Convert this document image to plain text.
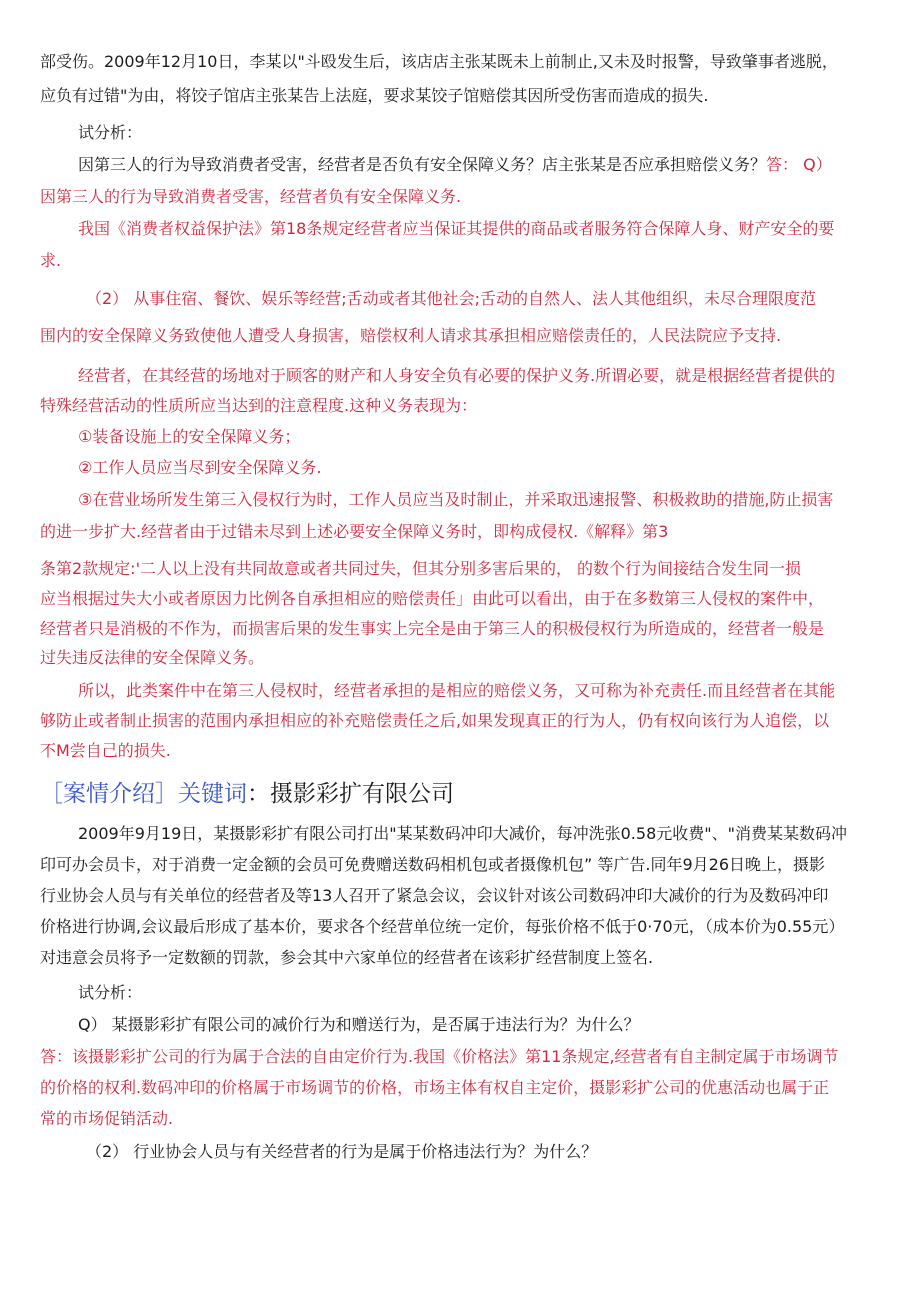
部受伤。2009年12月10日，李某以"斗殴发生后，该店店主张某既未上前制止,又未及时报警，导致肇事者逃脱，
应负有过错"为由，将饺子馆店主张某告上法庭，要求某饺子馆赔偿其因所受伤害而造成的损失.
试分析：
因第三人的行为导致消费者受害，经营者是否负有安全保障义务？店主张某是否应承担赔偿义务？答： Q）
因第三人的行为导致消费者受害，经营者负有安全保障义务.
我国《消费者权益保护法》第18条规定经营者应当保证其提供的商品或者服务符合保障人身、财产安全的要
求.
（2） 从事住宿、餐饮、娱乐等经营;舌动或者其他社会;舌动的自然人、法人其他组织，未尽合理限度范
围内的安全保障义务致使他人遭受人身损害，赔偿权利人请求其承担相应赔偿责任的，人民法院应予支持.
经营者，在其经营的场地对于顾客的财产和人身安全负有必要的保护义务.所谓必要，就是根据经营者提供的
特殊经营活动的性质所应当达到的注意程度.这种义务表现为：
①装备设施上的安全保障义务；
②工作人员应当尽到安全保障义务.
③在营业场所发生第三入侵权行为时，工作人员应当及时制止，并采取迅速报警、积极救助的措施,防止损害
的进一步扩大.经营者由于过错未尽到上述必要安全保障义务时，即构成侵权.《解释》第3
条第2款规定:'二人以上没有共同故意或者共同过失，但其分别多害后果的， 的数个行为间接结合发生同一损
应当根据过失大小或者原因力比例各自承担相应的赔偿责任」由此可以看出，由于在多数第三人侵权的案件中，
经营者只是消极的不作为，而损害后果的发生事实上完全是由于第三人的积极侵权行为所造成的，经营者一般是
过失违反法律的安全保障义务。
所以，此类案件中在第三人侵权时，经营者承担的是相应的赔偿义务，又可称为补充责任.而且经营者在其能
够防止或者制止损害的范围内承担相应的补充赔偿责任之后,如果发现真正的行为人，仍有权向该行为人追偿，以
不M尝自己的损失.
［案情介绍］关键词：摄影彩扩有限公司
2009年9月19日，某摄影彩扩有限公司打出"某某数码冲印大减价，每冲洗张0.58元收费"、"消费某某数码冲
印可办会员卡，对于消费一定金额的会员可免费赠送数码相机包或者摄像机包” 等广告.同年9月26日晚上，摄影
行业协会人员与有关单位的经营者及等13人召开了紧急会议，会议针对该公司数码冲印大减价的行为及数码冲印
价格进行协调,会议最后形成了基本价，要求各个经营单位统一定价，每张价格不低于0·70元，（成本价为0.55元）
对违意会员将予一定数额的罚款，参会其中六家单位的经营者在该彩扩经营制度上签名.
试分析：
Q） 某摄影彩扩有限公司的减价行为和赠送行为，是否属于违法行为？为什么？
答：该摄影彩扩公司的行为属于合法的自由定价行为.我国《价格法》第11条规定,经营者有自主制定属于市场调节
的价格的权利.数码冲印的价格属于市场调节的价格，市场主体有权自主定价，摄影彩扩公司的优惠活动也属于正
常的市场促销活动.
（2） 行业协会人员与有关经营者的行为是属于价格违法行为？为什么？
